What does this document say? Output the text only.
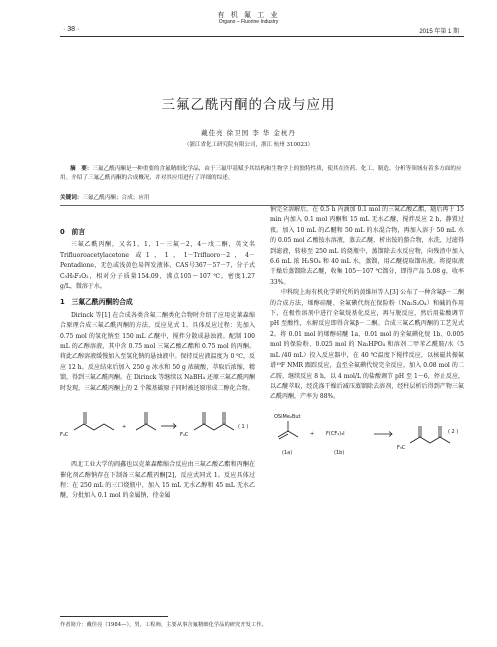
有 机 氟 工 业
Organo – Fluorine Industry
· 38 ·	2015 年第 1 期
三氟乙酰丙酮的合成与应用
戴佳亮 徐卫国 李 华 金杭丹
（浙江省化工研究院有限公司，浙江 杭州 310023）
摘　要：三氟乙酰丙酮是一种重要的含氟精细化学品，由于三氟甲基赋予其结构和生物学上的独特性质，使其在医药、化工、制造、分析等领域有着多方面的应用。介绍了三氟乙酰丙酮的合成概况，并对其应用进行了详细的综述。
关键词：三氟乙酰丙酮；合成；应用
0　前言
三氟乙酰丙酮，又名1，1，1－三氟－2，4－戊二酮，英文名 Trifluoroacetylacetone 或1，1，1－Trifluoro－2，4－Pentadione，无色或浅黄色易挥发液体，CAS号367－57－7，分子式 C₅H₅F₃O₂，相对分子质量154.09，沸点105～107 ℃，密度1.27 g/L，微溶于水。
1　三氟乙酰丙酮的合成
Dirinck 等[1] 在合成各类含氟二酮类化合物时介绍了应用克莱森缩合原理合成三氟乙酰丙酮的方法，反应见式 1。具体反应过程：先加入 0.75 mol 的氢化钠至 150 mL 乙醚中，搅拌分散成悬浊液。配制 100 mL 的乙醇溶液，其中含 0.75 mol 三氟乙酸乙酯和 0.75 mol 的丙酮。将此乙醇溶液缓慢加入至氢化钠的悬浊液中。保持反应液温度为 0 ℃，反应 12 h。反应结束后加入 250 g 冰水和 50 g 浓硫酸，萃取后浓缩，精馏，得到三氟乙酰丙酮。在 Dirinck 等继续以 NaBH₄ 还原三氟乙酰丙酮时发现，三氟乙酰丙酮上的 2 个羰基碳原子同时被还原形成二醇化合物。
F₃C
+
F₃C
( 1 )
西北工业大学的阎鑫也以克莱森酯缩合反应由三氟乙酸乙酯和丙酮在催化剂乙醇钠存在下制备三氟乙酰丙酮[2]，反应式同式 1。反应具体过程：在 250 mL 的三口烧瓶中，加入 15 mL 无水乙醇和 45 mL 无水乙醚，分批加入 0.1 mol 的金属钠，待金属
钠完全溶解后，在 0.5 h 内滴加 0.1 mol 的三氟乙酸乙酯，随后再于 15 min 内加入 0.1 mol 丙酮和 15 mL 无水乙醚，搅拌反应 2 h，静置过夜。加入 10 mL 的乙醚和 50 mL 的水混合物，再加入溶于 50 mL 水的 0.05 mol 乙酸铵水溶液，蒸去乙醚，析出铵的螯合物，水洗，过滤得到滤液，转移至 250 mL 的烧瓶中，蒸馏除去水反应物，向残渣中加入 6.6 mL 浓 H₂SO₄ 和 40 mL 水，蒸馏，用乙醚提取馏出液。将提取液干燥后蒸馏除去乙醚，收集 105～107 ℃馏分，即得产品 5.08 g，收率 33%。
中科院上海有机化学研究所的黄维垣等人[3] 公布了一种含氟β－二酮的合成方法，烯醇硅醚、全氟碘代烷在保险粉（Na₂S₂O₄）和碱的作用下，在极性溶剂中进行全氟烷基化反应，再与脱反应，然后用盐酸调节 pH 至酸性，水解反应即得含氟β－二酮。合成三氟乙酰丙酮的工艺见式 2。将 0.01 mol 的烯醇硅醚 1a、0.01 mol 的全氟碘化烷 1b、0.005 mol 的保险粉、0.025 mol 的 Na₂HPO₄ 和溶剂二甲苯乙酰胺/水（5 mL /40 mL）投入反应器中，在 40 ℃温度下搅拌反应，以核磁共振氟谱¹⁹F NMR 跟踪反应，直至全氟碘代烷完全反应。加入 0.08 mol 的二乙胺，继续反应 8 h，以 4 mol/L 的盐酸调节 pH 至 1～6，停止反应，以乙醚萃取，经洗涤干燥后减压蒸馏除去溶剂，经柱层析后得到产物三氟乙酰丙酮，产率为 88%。
OSiMe₂But
+ F(CF₂)₃I
(1a)	(1b)
F₃C
( 2 )
作者简介：戴佳亮（1984—），男，工程师，主要从事含氟精细化学品的研究开发工作。
